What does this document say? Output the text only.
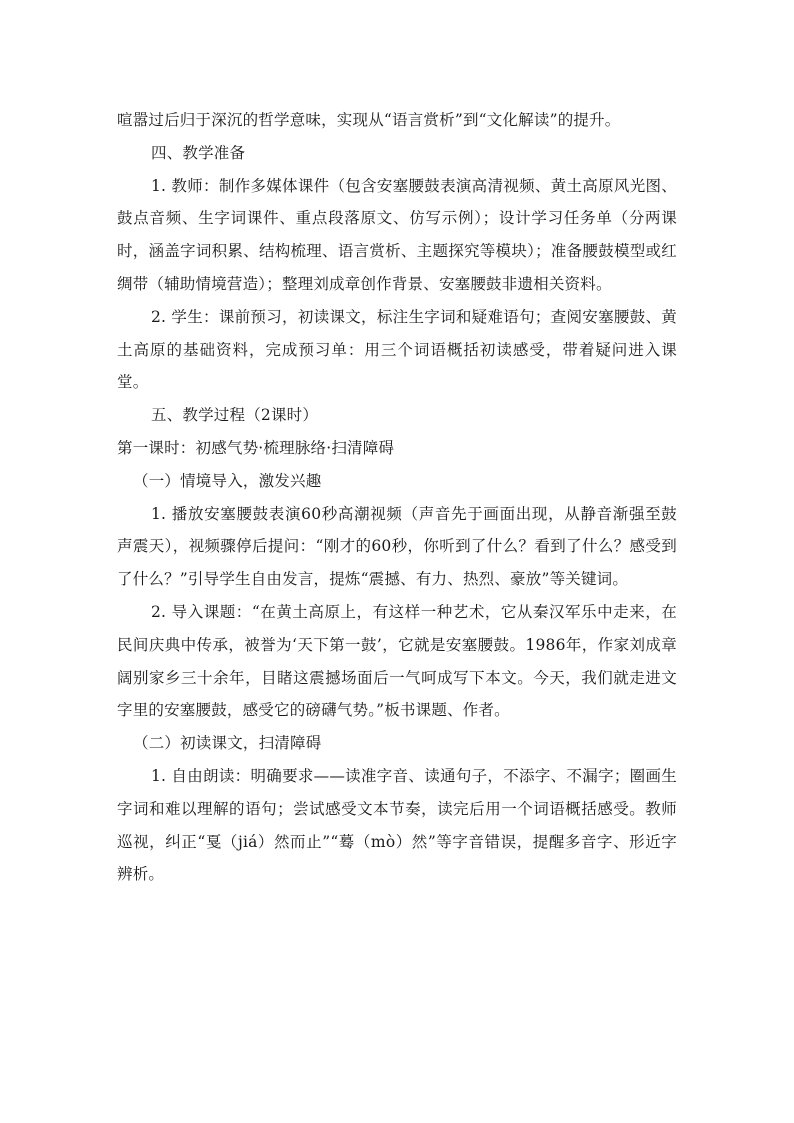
喧嚣过后归于深沉的哲学意味，实现从“语言赏析”到“文化解读”的提升。

四、教学准备

1. 教师：制作多媒体课件（包含安塞腰鼓表演高清视频、黄土高原风光图、鼓点音频、生字词课件、重点段落原文、仿写示例）；设计学习任务单（分两课时，涵盖字词积累、结构梳理、语言赏析、主题探究等模块）；准备腰鼓模型或红绸带（辅助情境营造）；整理刘成章创作背景、安塞腰鼓非遗相关资料。

2. 学生：课前预习，初读课文，标注生字词和疑难语句；查阅安塞腰鼓、黄土高原的基础资料，完成预习单：用三个词语概括初读感受，带着疑问进入课堂。

五、教学过程（2课时）

第一课时：初感气势·梳理脉络·扫清障碍

（一）情境导入，激发兴趣

1. 播放安塞腰鼓表演60秒高潮视频（声音先于画面出现，从静音渐强至鼓声震天），视频骤停后提问：“刚才的60秒，你听到了什么？看到了什么？感受到了什么？”引导学生自由发言，提炼“震撼、有力、热烈、豪放”等关键词。

2. 导入课题：“在黄土高原上，有这样一种艺术，它从秦汉军乐中走来，在民间庆典中传承，被誉为‘天下第一鼓’，它就是安塞腰鼓。1986年，作家刘成章阔别家乡三十余年，目睹这震撼场面后一气呵成写下本文。今天，我们就走进文字里的安塞腰鼓，感受它的磅礴气势。”板书课题、作者。

（二）初读课文，扫清障碍

1. 自由朗读：明确要求——读准字音、读通句子，不添字、不漏字；圈画生字词和难以理解的语句；尝试感受文本节奏，读完后用一个词语概括感受。教师巡视，纠正“戛（jiá）然而止”“蓦（mò）然”等字音错误，提醒多音字、形近字辨析。
